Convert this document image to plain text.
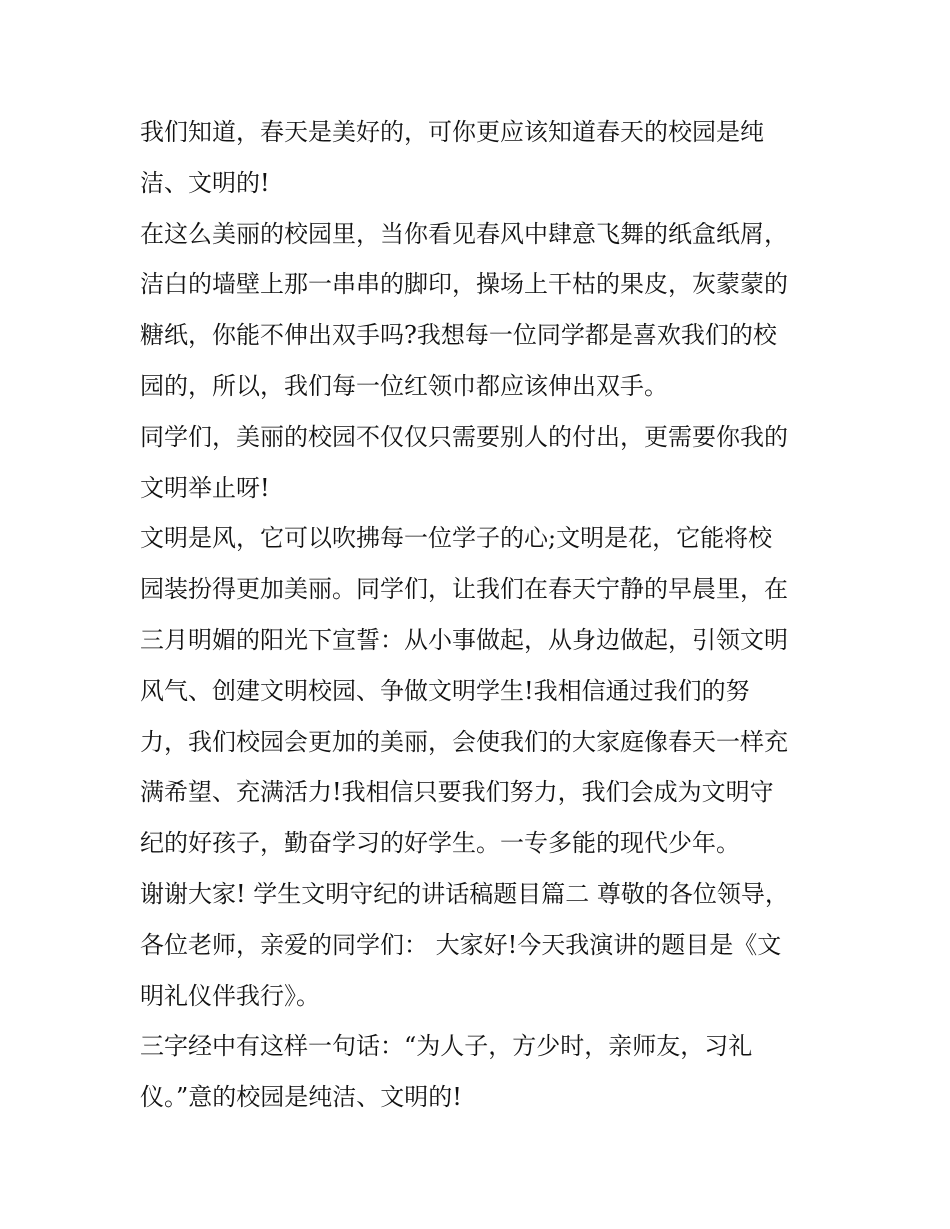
我们知道，春天是美好的，可你更应该知道春天的校园是纯
洁、文明的!
在这么美丽的校园里，当你看见春风中肆意飞舞的纸盒纸屑，
洁白的墙壁上那一串串的脚印，操场上干枯的果皮，灰蒙蒙的
糖纸，你能不伸出双手吗?我想每一位同学都是喜欢我们的校
园的，所以，我们每一位红领巾都应该伸出双手。
同学们，美丽的校园不仅仅只需要别人的付出，更需要你我的
文明举止呀!
文明是风，它可以吹拂每一位学子的心;文明是花，它能将校
园装扮得更加美丽。同学们，让我们在春天宁静的早晨里，在
三月明媚的阳光下宣誓：从小事做起，从身边做起，引领文明
风气、创建文明校园、争做文明学生!我相信通过我们的努
力，我们校园会更加的美丽，会使我们的大家庭像春天一样充
满希望、充满活力!我相信只要我们努力，我们会成为文明守
纪的好孩子，勤奋学习的好学生。一专多能的现代少年。
谢谢大家! 学生文明守纪的讲话稿题目篇二 尊敬的各位领导，
各位老师，亲爱的同学们： 大家好!今天我演讲的题目是《文
明礼仪伴我行》。
三字经中有这样一句话：“为人子，方少时，亲师友，习礼
仪。”意的校园是纯洁、文明的!
